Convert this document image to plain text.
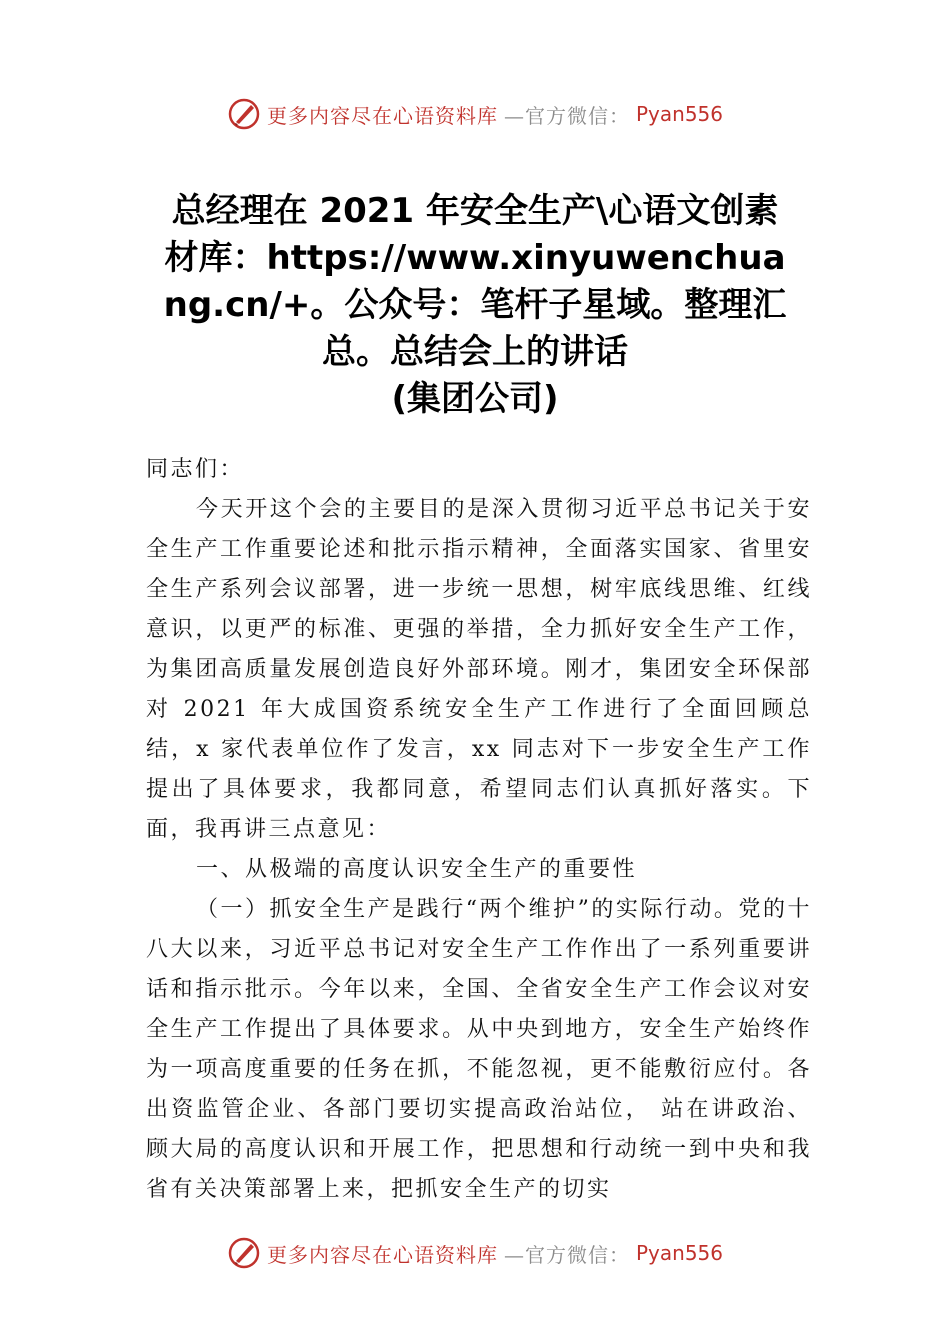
更多内容尽在心语资料库 —官方微信： Pyan556
总经理在 2021 年安全生产\心语文创素
材库：https://www.xinyuwenchua
ng.cn/+。公众号：笔杆子星域。整理汇
总。总结会上的讲话
(集团公司)

同志们：

今天开这个会的主要目的是深入贯彻习近平总书记关于安全生产工作重要论述和批示指示精神，全面落实国家、省里安全生产系列会议部署，进一步统一思想，树牢底线思维、红线意识，以更严的标准、更强的举措，全力抓好安全生产工作，为集团高质量发展创造良好外部环境。刚才，集团安全环保部对 2021 年大成国资系统安全生产工作进行了全面回顾总结，x 家代表单位作了发言，xx 同志对下一步安全生产工作提出了具体要求，我都同意，希望同志们认真抓好落实。下面，我再讲三点意见：

一、从极端的高度认识安全生产的重要性

（一）抓安全生产是践行“两个维护”的实际行动。党的十八大以来，习近平总书记对安全生产工作作出了一系列重要讲话和指示批示。今年以来，全国、全省安全生产工作会议对安全生产工作提出了具体要求。从中央到地方，安全生产始终作为一项高度重要的任务在抓，不能忽视，更不能敷衍应付。各出资监管企业、各部门要切实提高政治站位， 站在讲政治、顾大局的高度认识和开展工作，把思想和行动统一到中央和我省有关决策部署上来，把抓安全生产的切实

更多内容尽在心语资料库 —官方微信： Pyan556
